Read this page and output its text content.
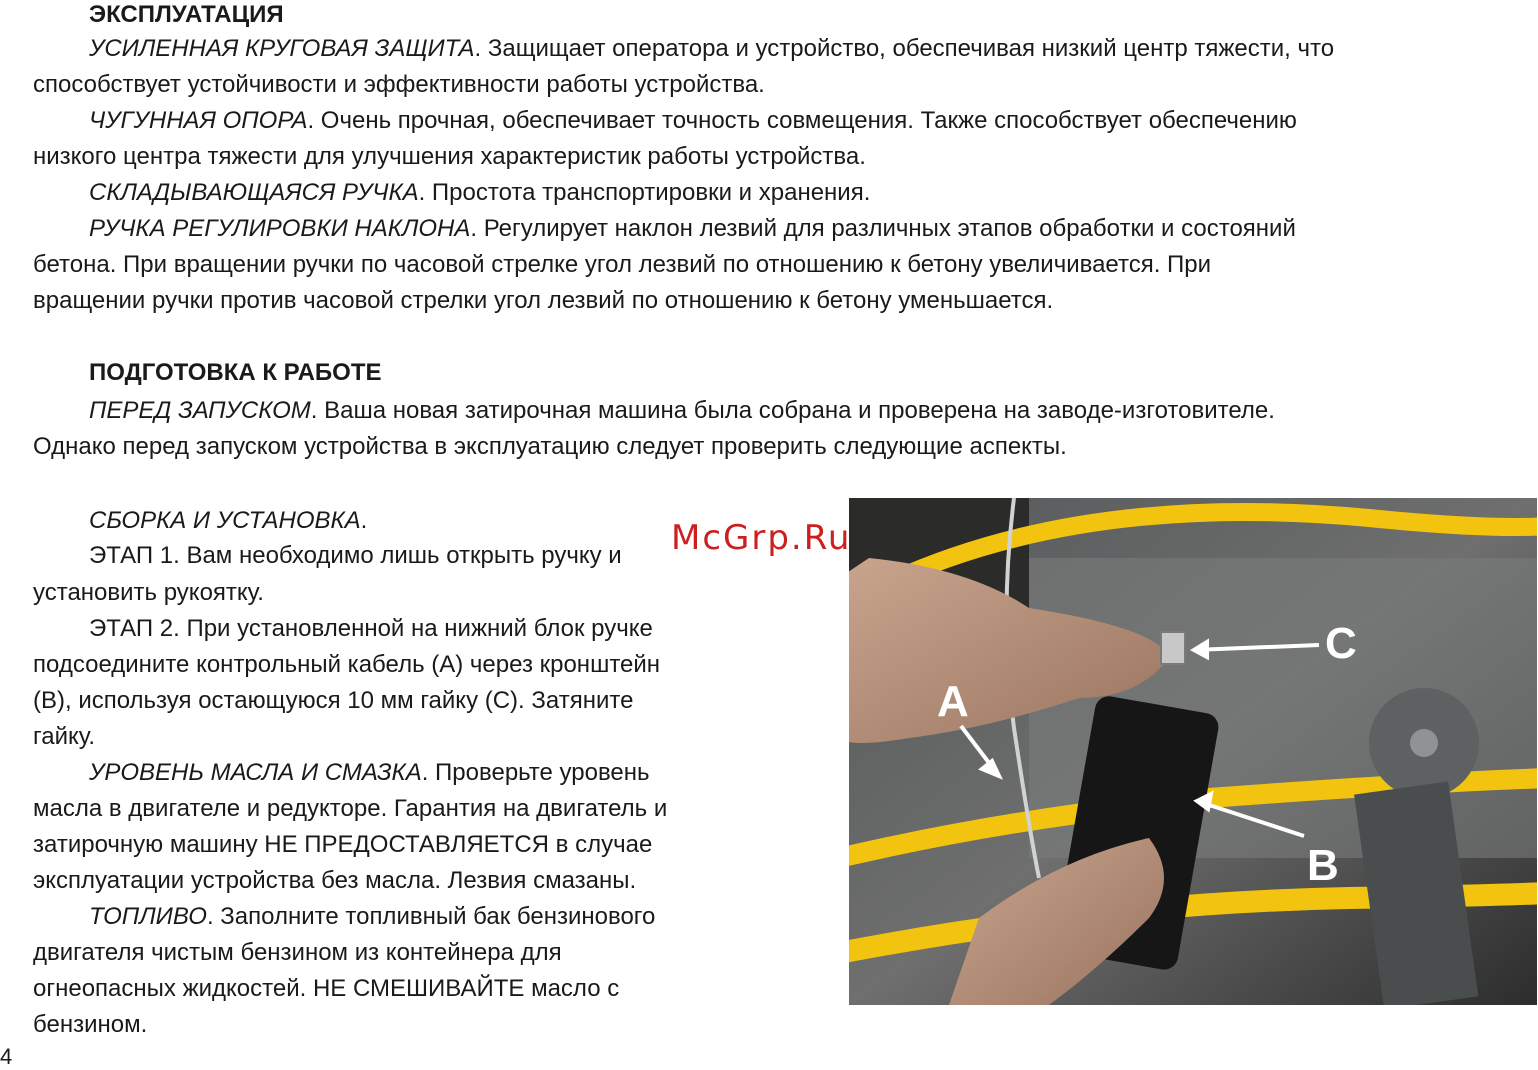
ЭКСПЛУАТАЦИЯ
УСИЛЕННАЯ КРУГОВАЯ ЗАЩИТА. Защищает оператора и устройство, обеспечивая низкий центр тяжести, что
способствует устойчивости и эффективности работы устройства.
ЧУГУННАЯ ОПОРА. Очень прочная, обеспечивает точность совмещения. Также способствует обеспечению
низкого центра тяжести для улучшения характеристик работы устройства.
СКЛАДЫВАЮЩАЯСЯ РУЧКА. Простота транспортировки и хранения.
РУЧКА РЕГУЛИРОВКИ НАКЛОНА. Регулирует наклон лезвий для различных этапов обработки и состояний
бетона. При вращении ручки по часовой стрелке угол лезвий по отношению к бетону увеличивается. При
вращении ручки против часовой стрелки угол лезвий по отношению к бетону уменьшается.
ПОДГОТОВКА К РАБОТЕ
ПЕРЕД ЗАПУСКОМ. Ваша новая затирочная машина была собрана и проверена на заводе-изготовителе.
Однако перед запуском устройства в эксплуатацию следует проверить следующие аспекты.
СБОРКА И УСТАНОВКА.
ЭТАП 1. Вам необходимо лишь открыть ручку и
установить рукоятку.
ЭТАП 2. При установленной на нижний блок ручке
подсоедините контрольный кабель (A) через кронштейн
(B), используя остающуюся 10 мм гайку (C). Затяните
гайку.
УРОВЕНЬ МАСЛА И СМАЗКА. Проверьте уровень
масла в двигателе и редукторе. Гарантия на двигатель и
затирочную машину НЕ ПРЕДОСТАВЛЯЕТСЯ в случае
эксплуатации устройства без масла. Лезвия смазаны.
ТОПЛИВО. Заполните топливный бак бензинового
двигателя чистым бензином из контейнера для
огнеопасных жидкостей. НЕ СМЕШИВАЙТЕ масло с
бензином.
A
B
C
McGrp.Ru
4
